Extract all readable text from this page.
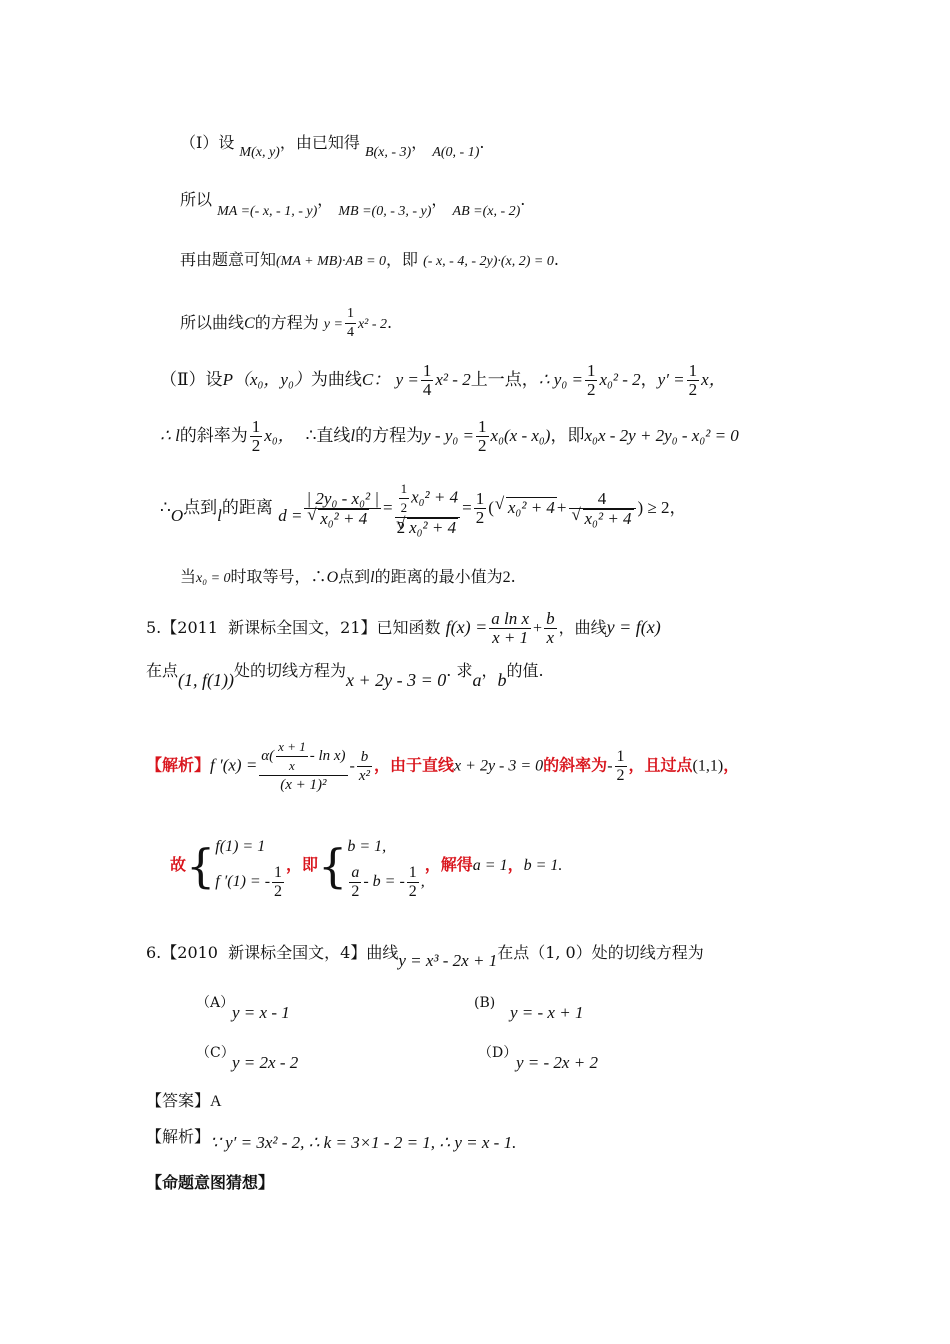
（Ⅰ）设 M(x, y)，由已知得 B(x, - 3)， A(0, - 1).
所以 MA =(- x, - 1, - y)， MB =(0, - 3, - y)， AB =(x, - 2).
再由题意可知(MA + MB)·AB = 0，即 (- x, - 4, - 2y)·(x, 2) = 0.
所以曲线C的方程为 $y = \frac{1}{4} x^2 - 2$.
（Ⅱ）设P（x₀，y₀）为曲线C： $y = \frac{1}{4} x^2 - 2$上一点，∴ $y_0 = \frac{1}{2} x_0^2 - 2$，$y' = \frac{1}{2}$ x，
∴ l的斜率为 $\frac{1}{2} x_0$， ∴直线l的方程为$y - y_0 = \frac{1}{2} x_0(x - x_0)$，即x₀x - 2y + 2y₀ - x₀² = 0
∴O点到l的距离 d = | 2y₀ - x₀² |
√ $x_0^2 + 4 = \frac{\frac{1}{2} x_0^2 + 4}{\text{2 √ x₀² + 4}} = \frac{1}{2}$ ( √ x₀² + 4 + 4
√ x₀² + 4 ) ≥ 2，
当x₀ = 0时取等号，∴O点到l的距离的最小值为2.
5.【2011 新课标全国文，21】已知函数 $f(x) = \frac{\text{a ln x}}{x + 1} + \frac{b}{x}$ ，曲线y = f(x)
在点(1, f(1))处的切线方程为x + 2y - 3 = 0. 求a，b的值.
【解析】f $'(x) = \frac{\alpha( \frac{x + 1}{x} - \ln x)}{\text{(x + 1)²}} - \frac{b}{\text{x²}}$ ，由于直线x + 2y - 3 = 0的斜率为- $\frac{1}{2}$ ，且过点(1,1)，
故{ f(1) = 1
f ′(1) = - $\frac{1}{2}$ ，即{ b = 1,
$\frac{a}{2}$ - b = - $\frac{1}{2}$ ,
，解得a = 1，b = 1.
6.【2010 新课标全国文，4】曲线y = x³ - 2x + 1在点（1, 0）处的切线方程为
（A）
y = x - 1	(B) y = - x + 1
（C）
y = 2x - 2	（D）
y = - 2x + 2
【答案】A
【解析】∵ y′ = 3x² - 2, ∴ k = 3×1 - 2 = 1, ∴ y = x - 1.
【命题意图猜想】
